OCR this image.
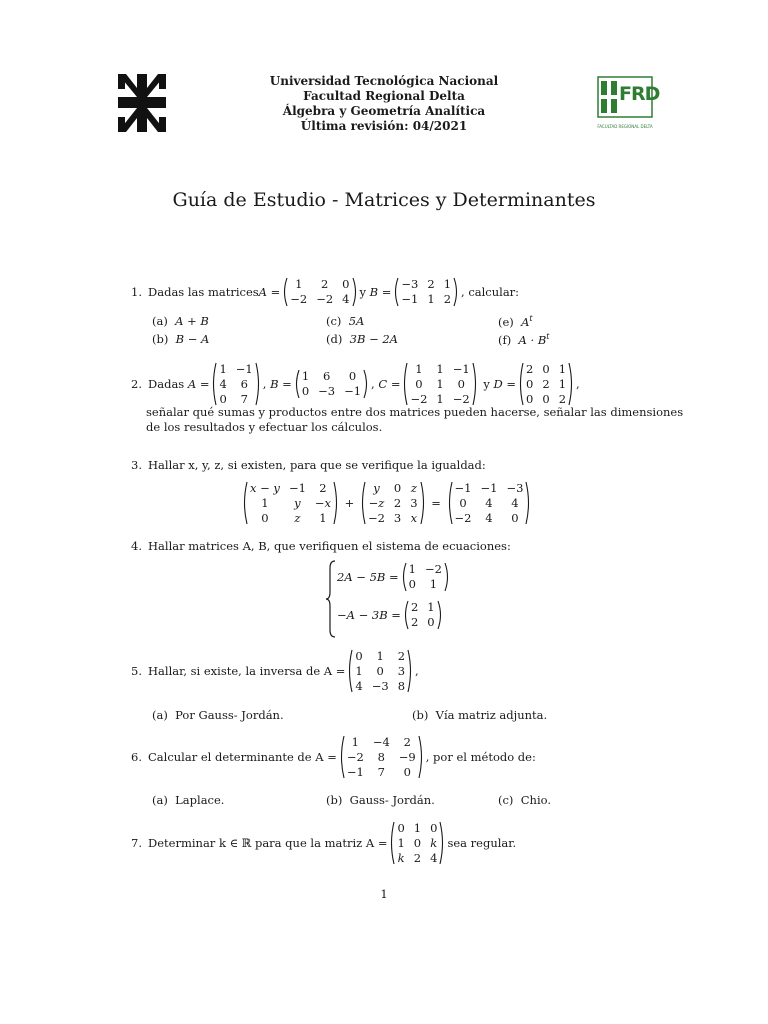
FRD
FACULTAD REGIONAL DELTA
Universidad Tecnológica Nacional
Facultad Regional Delta
Álgebra y Geometría Analítica
Última revisión: 04/2021
Guía de Estudio - Matrices y Determinantes
1. Dadas las matrices A =
1	2	0
−2 −2 4
y
B =
−3 2 1
−1 1 2
, calcular:
(a) A + B
(b) B − A
(c) 5A
(d) 3B − 2A
(e) $A^t$
(f) $A \cdot B^t$
2. Dadas
A =
1 −1
4	6
0	7
, B =
1	6	0
0 −3 −1
, C =
1	1 −1
0	1	0
−2 1 −2

y
D =
2 0 1
0 2 1
0 0 2
,
señalar qué sumas y productos entre dos matrices pueden hacerse, señalar las dimensiones
de los resultados y efectuar los cálculos.
3. Hallar x, y, z, si existen, para que se verifique la igualdad:
x − y −1	2
1	y	−x
0	z	1

+

y	0 z
−z 2 3
−2 3 x

=

−1 −1 −3
0	4	4
−2	4	0
4. Hallar matrices A, B, que verifiquen el sistema de ecuaciones:
2A − 5B =
1 −2
0	1
−A − 3B =
2 1
2 0
5. Hallar, si existe, la inversa de A =
0	1	2
1	0	3
4 −3 8
,
(a) Por Gauss- Jordán.	(b) Vía matriz adjunta.
6. Calcular el determinante de A =
1	−4	2
−2	8	−9
−1	7	0
, por el método de:
(a) Laplace.	(b) Gauss- Jordán.	(c) Chio.
7. Determinar k ∈ ℝ para que la matriz A =
0 1 0
1 0 k
k 2 4
sea regular.
1
